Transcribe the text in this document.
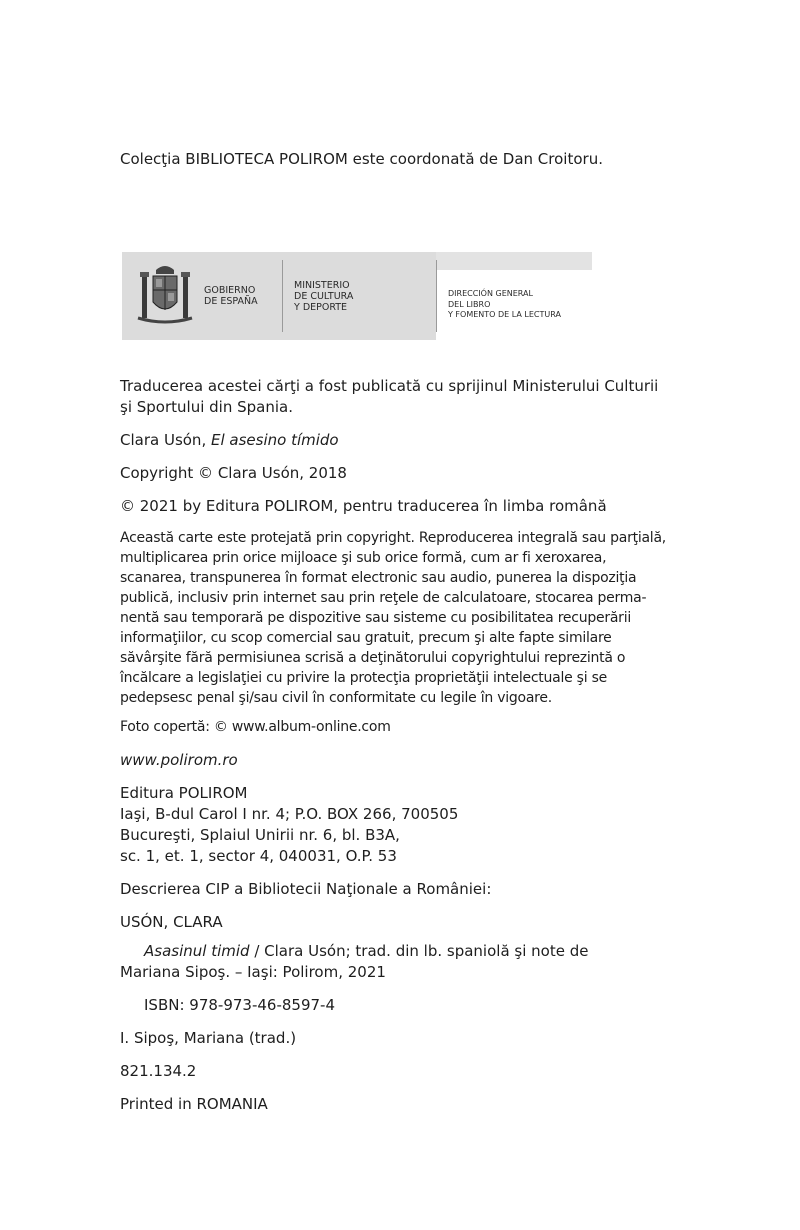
Colecţia BIBLIOTECA POLIROM este coordonată de Dan Croitoru.

GOBIERNO
DE ESPAÑA
MINISTERIO
DE CULTURA
Y DEPORTE
DIRECCIÓN GENERAL
DEL LIBRO
Y FOMENTO DE LA LECTURA

Traducerea acestei cărţi a fost publicată cu sprijinul Ministerului Culturii

şi Sportului din Spania.

Clara Usón, El asesino tímido

Copyright © Clara Usón, 2018

© 2021 by Editura POLIROM, pentru traducerea în limba română

Această carte este protejată prin copyright. Reproducerea integrală sau parţială,

multiplicarea prin orice mijloace şi sub orice formă, cum ar fi xeroxarea,

scanarea, transpunerea în format electronic sau audio, punerea la dispoziţia

publică, inclusiv prin internet sau prin reţele de calculatoare, stocarea perma-

nentă sau temporară pe dispozitive sau sisteme cu posibilitatea recuperării

informaţiilor, cu scop comercial sau gratuit, precum şi alte fapte similare

săvârşite fără permisiunea scrisă a deţinătorului copyrightului reprezintă o

încălcare a legislaţiei cu privire la protecţia proprietăţii intelectuale şi se

pedepsesc penal şi/sau civil în conformitate cu legile în vigoare.

Foto copertă: © www.album-online.com

www.polirom.ro

Editura POLIROM

Iaşi, B-dul Carol I nr. 4; P.O. BOX 266, 700505

Bucureşti, Splaiul Unirii nr. 6, bl. B3A,

sc. 1, et. 1, sector 4, 040031, O.P. 53

Descrierea CIP a Bibliotecii Naţionale a României:

USÓN, CLARA

Asasinul timid / Clara Usón; trad. din lb. spaniolă şi note de

Mariana Sipoş. – Iaşi: Polirom, 2021

ISBN: 978-973-46-8597-4

I. Sipoş, Mariana (trad.)

821.134.2

Printed in ROMANIA
